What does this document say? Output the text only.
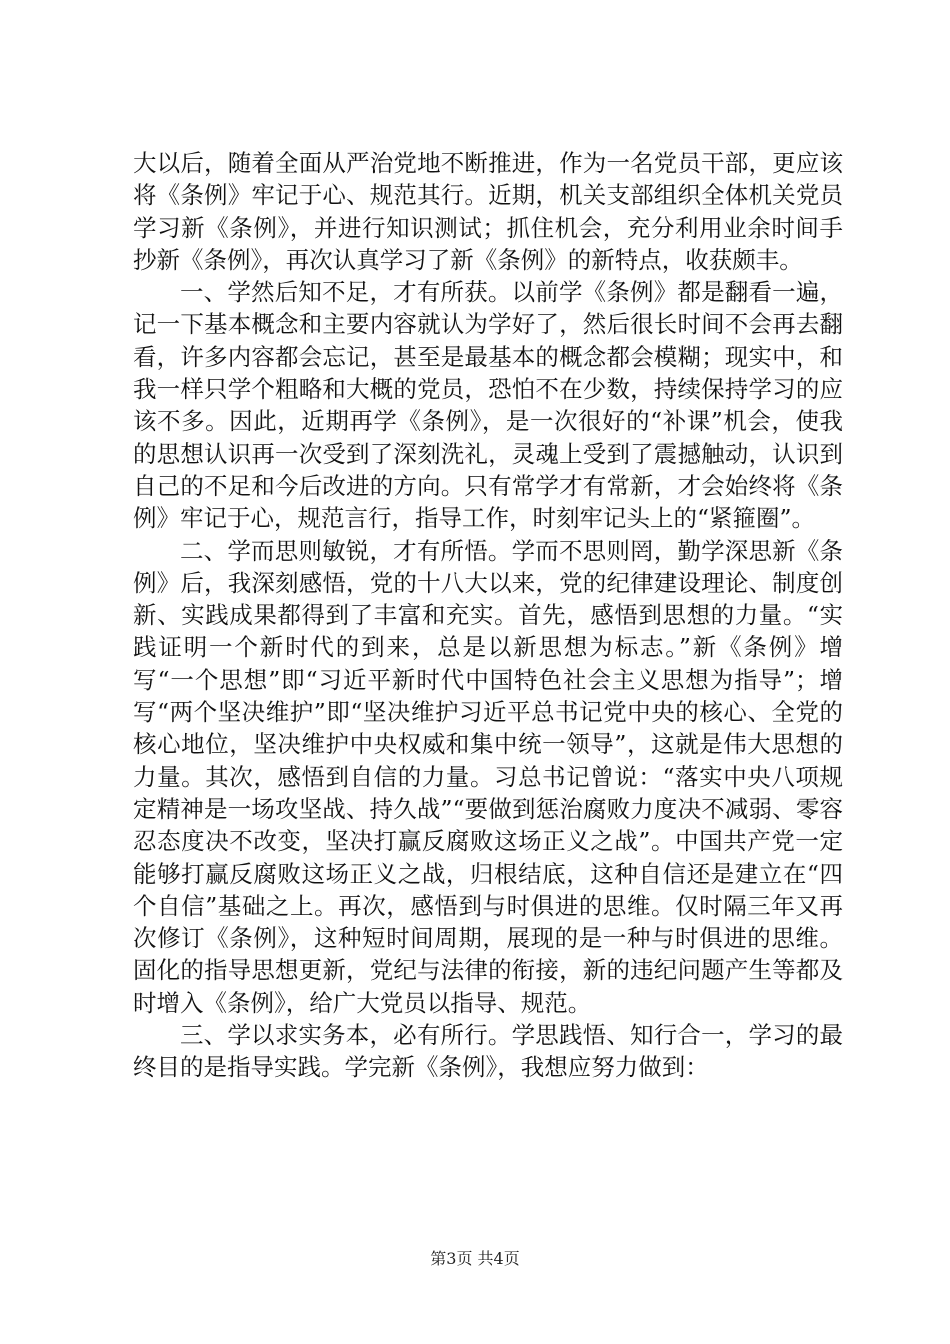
大以后，随着全面从严治党地不断推进，作为一名党员干部，更应该将《条例》牢记于心、规范其行。近期，机关支部组织全体机关党员学习新《条例》，并进行知识测试；抓住机会，充分利用业余时间手抄新《条例》，再次认真学习了新《条例》的新特点，收获颇丰。

一、学然后知不足，才有所获。以前学《条例》都是翻看一遍，记一下基本概念和主要内容就认为学好了，然后很长时间不会再去翻看，许多内容都会忘记，甚至是最基本的概念都会模糊；现实中，和我一样只学个粗略和大概的党员，恐怕不在少数，持续保持学习的应该不多。因此，近期再学《条例》，是一次很好的“补课”机会，使我的思想认识再一次受到了深刻洗礼，灵魂上受到了震撼触动，认识到自己的不足和今后改进的方向。只有常学才有常新，才会始终将《条例》牢记于心，规范言行，指导工作，时刻牢记头上的“紧箍圈”。

二、学而思则敏锐，才有所悟。学而不思则罔，勤学深思新《条例》后，我深刻感悟，党的十八大以来，党的纪律建设理论、制度创新、实践成果都得到了丰富和充实。首先，感悟到思想的力量。“实践证明一个新时代的到来，总是以新思想为标志。”新《条例》增写“一个思想”即“习近平新时代中国特色社会主义思想为指导”；增写“两个坚决维护”即“坚决维护习近平总书记党中央的核心、全党的核心地位，坚决维护中央权威和集中统一领导”，这就是伟大思想的力量。其次，感悟到自信的力量。习总书记曾说：“落实中央八项规定精神是一场攻坚战、持久战”“要做到惩治腐败力度决不减弱、零容忍态度决不改变，坚决打赢反腐败这场正义之战”。中国共产党一定能够打赢反腐败这场正义之战，归根结底，这种自信还是建立在“四个自信”基础之上。再次，感悟到与时俱进的思维。仅时隔三年又再次修订《条例》，这种短时间周期，展现的是一种与时俱进的思维。固化的指导思想更新，党纪与法律的衔接，新的违纪问题产生等都及时增入《条例》，给广大党员以指导、规范。

三、学以求实务本，必有所行。学思践悟、知行合一，学习的最终目的是指导实践。学完新《条例》，我想应努力做到：

第3页 共4页
